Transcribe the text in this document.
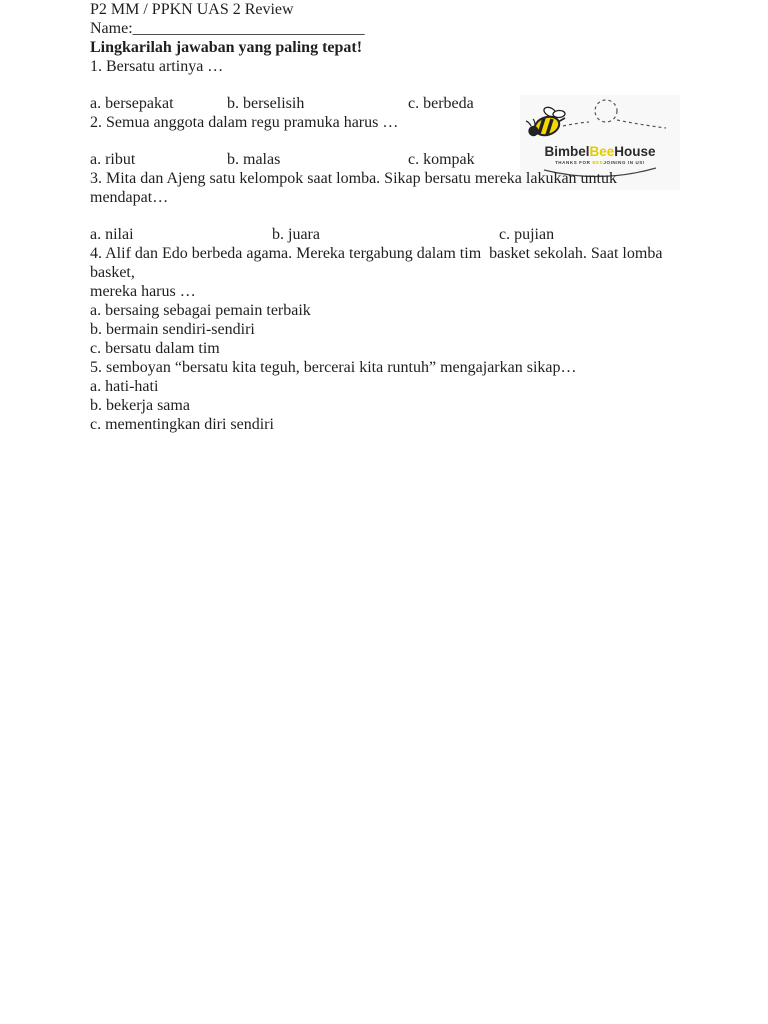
BimbelBeeHouse
THANKS FOR BEEJOINING IN US!
P2 MM / PPKN UAS 2 Review

Name:_____________________________

Lingkarilah jawaban yang paling tepat!

1. Bersatu artinya …

a. bersepakat	b. berselisih	c. berbeda

2. Semua anggota dalam regu pramuka harus …

a. ribut	b. malas	c. kompak

3. Mita dan Ajeng satu kelompok saat lomba. Sikap bersatu mereka lakukan untuk mendapat…

a. nilai	b. juara	c. pujian

4. Alif dan Edo berbeda agama. Mereka tergabung dalam tim  basket sekolah. Saat lomba basket,

mereka harus …

a. bersaing sebagai pemain terbaik

b. bermain sendiri-sendiri

c. bersatu dalam tim

5. semboyan “bersatu kita teguh, bercerai kita runtuh” mengajarkan sikap…

a. hati-hati

b. bekerja sama

c. mementingkan diri sendiri
